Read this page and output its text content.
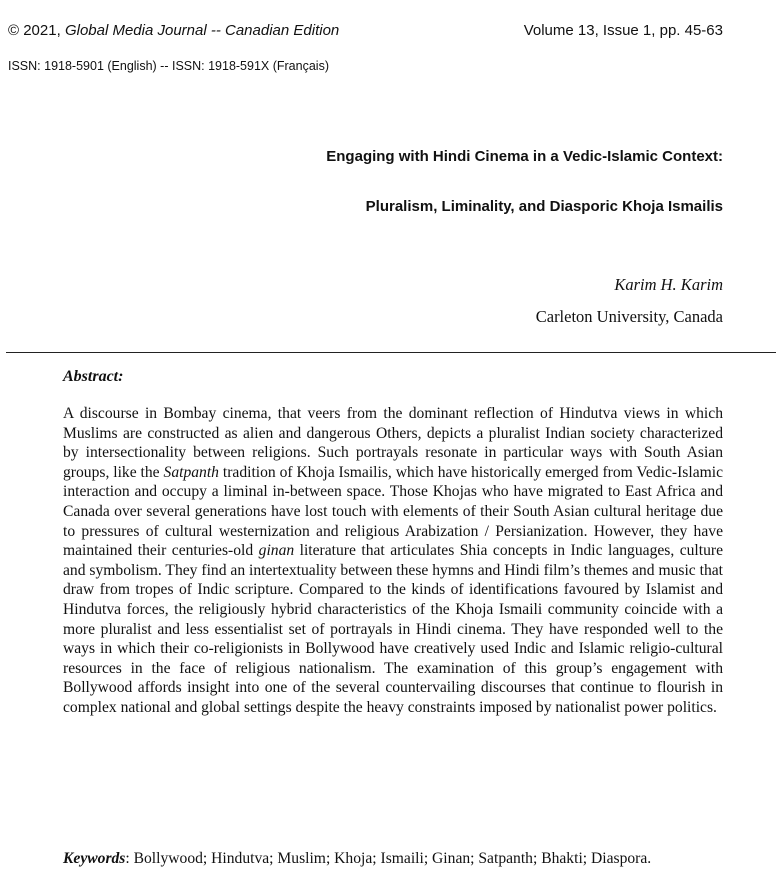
© 2021, Global Media Journal -- Canadian Edition	Volume 13, Issue 1, pp. 45-63
ISSN: 1918-5901 (English) -- ISSN: 1918-591X (Français)
Engaging with Hindi Cinema in a Vedic-Islamic Context:
Pluralism, Liminality, and Diasporic Khoja Ismailis
Karim H. Karim
Carleton University, Canada
Abstract:
A discourse in Bombay cinema, that veers from the dominant reflection of Hindutva views in which Muslims are constructed as alien and dangerous Others, depicts a pluralist Indian society characterized by intersectionality between religions. Such portrayals resonate in particular ways with South Asian groups, like the Satpanth tradition of Khoja Ismailis, which have historically emerged from Vedic-Islamic interaction and occupy a liminal in-between space. Those Khojas who have migrated to East Africa and Canada over several generations have lost touch with elements of their South Asian cultural heritage due to pressures of cultural westernization and religious Arabization / Persianization. However, they have maintained their centuries-old ginan literature that articulates Shia concepts in Indic languages, culture and symbolism. They find an intertextuality between these hymns and Hindi film’s themes and music that draw from tropes of Indic scripture. Compared to the kinds of identifications favoured by Islamist and Hindutva forces, the religiously hybrid characteristics of the Khoja Ismaili community coincide with a more pluralist and less essentialist set of portrayals in Hindi cinema. They have responded well to the ways in which their co-religionists in Bollywood have creatively used Indic and Islamic religio-cultural resources in the face of religious nationalism. The examination of this group’s engagement with Bollywood affords insight into one of the several countervailing discourses that continue to flourish in complex national and global settings despite the heavy constraints imposed by nationalist power politics.
Keywords: Bollywood; Hindutva; Muslim; Khoja; Ismaili; Ginan; Satpanth; Bhakti; Diaspora.
